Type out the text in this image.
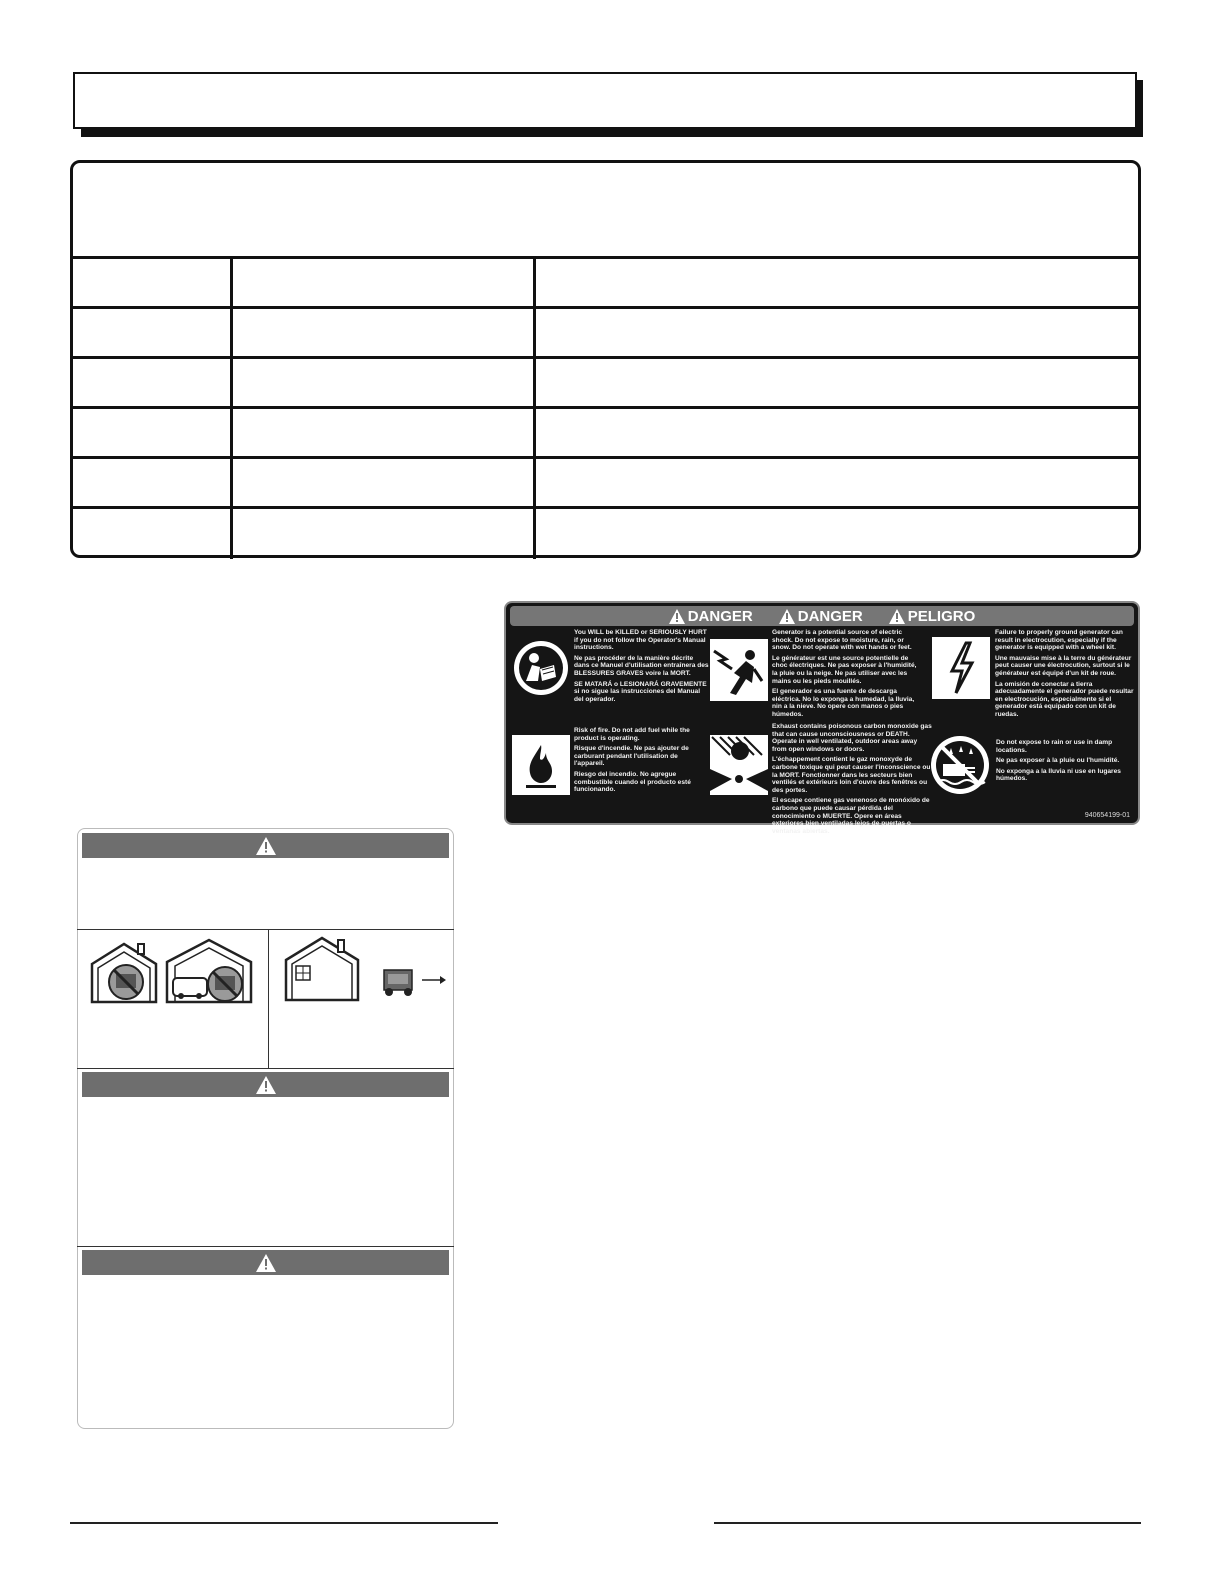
DANGER	DANGER	PELIGRO

You WILL be KILLED or SERIOUSLY HURT if you do not follow the Operator's Manual instructions.

Ne pas procéder de la manière décrite dans ce Manuel d'utilisation entraînera des BLESSURES GRAVES voire la MORT.

SE MATARÁ o LESIONARÁ GRAVEMENTE si no sigue las instrucciones del Manual del operador.

Generator is a potential source of electric shock. Do not expose to moisture, rain, or snow. Do not operate with wet hands or feet.

Le générateur est une source potentielle de choc électriques. Ne pas exposer à l'humidité, la pluie ou la neige. Ne pas utiliser avec les mains ou les pieds mouillés.

El generador es una fuente de descarga eléctrica. No lo exponga a humedad, la lluvia, nin a la nieve. No opere con manos o pies húmedos.

Failure to properly ground generator can result in electrocution, especially if the generator is equipped with a wheel kit.

Une mauvaise mise à la terre du générateur peut causer une électrocution, surtout si le générateur est équipé d'un kit de roue.

La omisión de conectar a tierra adecuadamente el generador puede resultar en electrocución, especialmente si el generador está equipado con un kit de ruedas.

Risk of fire. Do not add fuel while the product is operating.

Risque d'incendie. Ne pas ajouter de carburant pendant l'utilisation de l'appareil.

Riesgo del incendio. No agregue combustible cuando el producto esté funcionando.

Exhaust contains poisonous carbon monoxide gas that can cause unconsciousness or DEATH. Operate in well ventilated, outdoor areas away from open windows or doors.

L'échappement contient le gaz monoxyde de carbone toxique qui peut causer l'inconscience ou la MORT. Fonctionner dans les secteurs bien ventilés et extérieurs loin d'ouvre des fenêtres ou des portes.

El escape contiene gas venenoso de monóxido de carbono que puede causar pérdida del conocimiento o MUERTE. Opere en áreas exteriores bien ventiladas lejos de puertas o ventanas abiertas.

Do not expose to rain or use in damp locations.

Ne pas exposer à la pluie ou l'humidité.

No exponga a la lluvia ni use en lugares húmedos.

940654199-01
